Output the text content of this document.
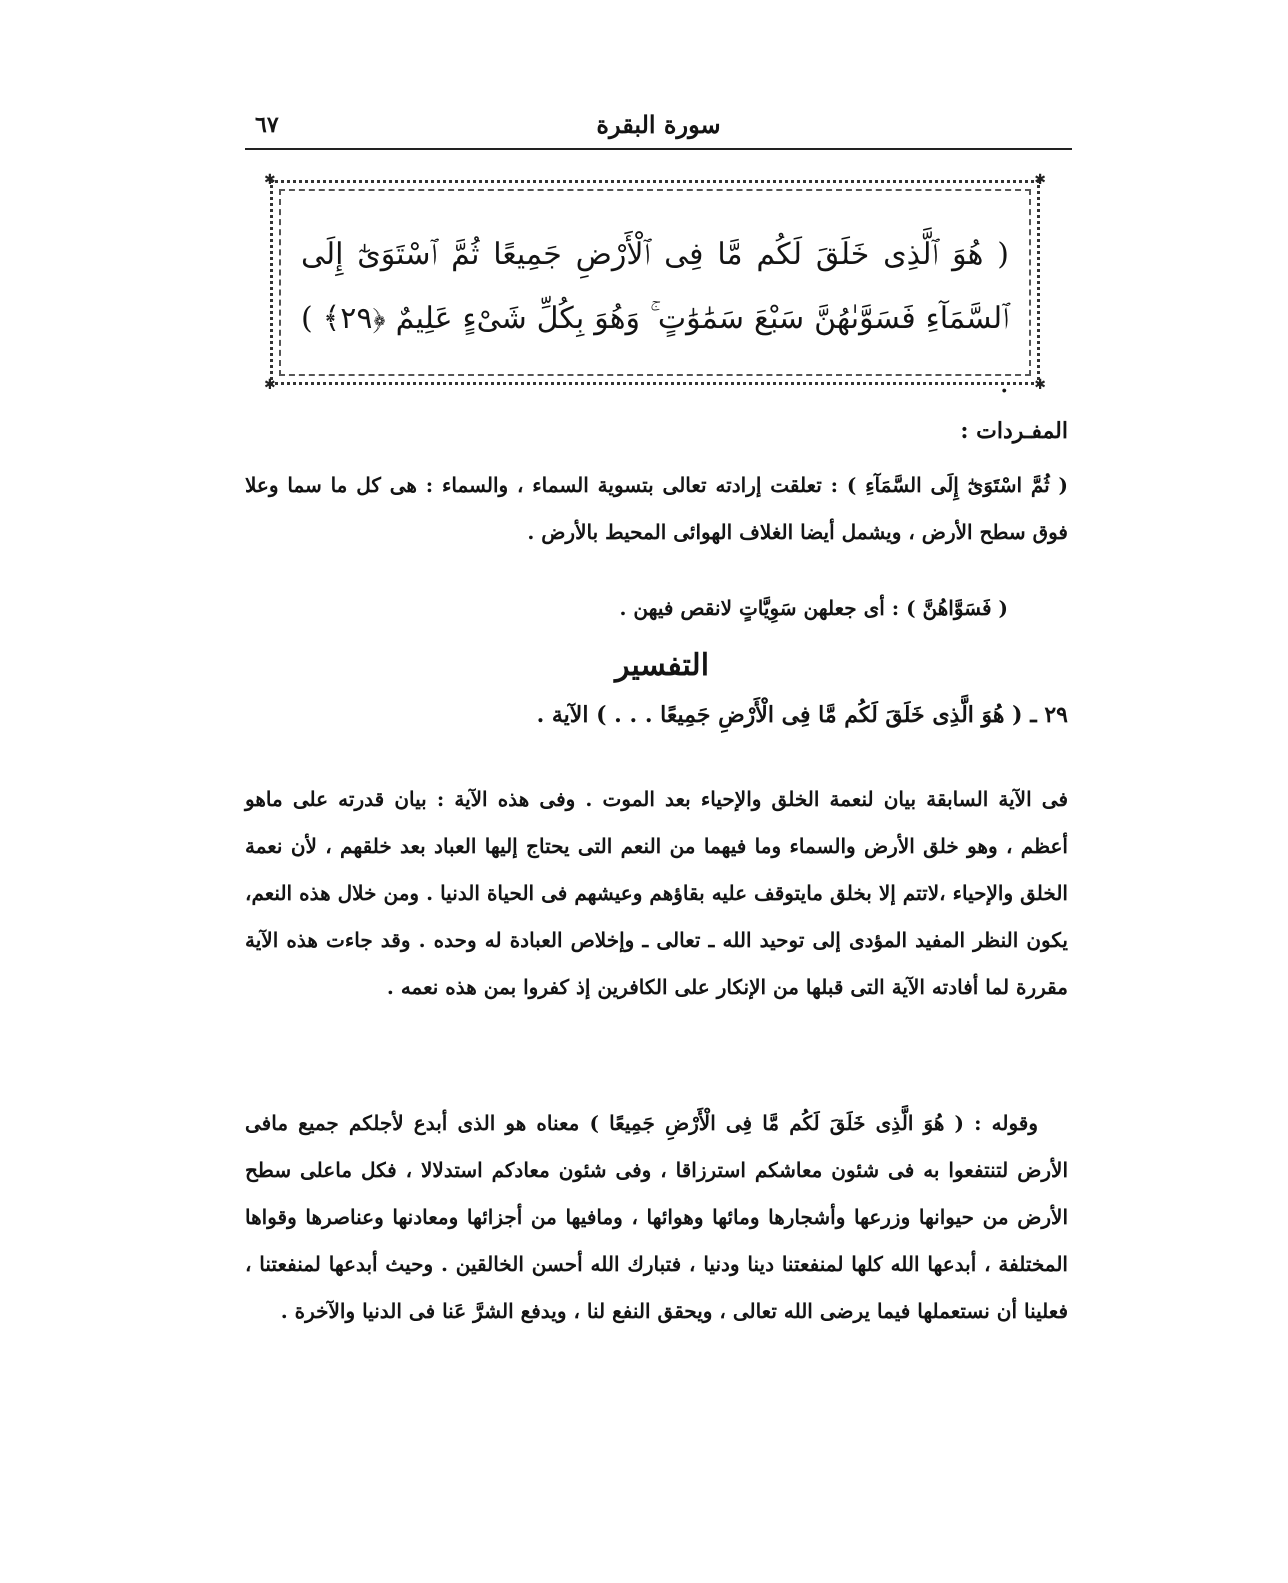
سورة البقرة
٦٧
✱	✱
✱	✱
( هُوَ ٱلَّذِى خَلَقَ لَكُم مَّا فِى ٱلْأَرْضِ جَمِيعًا ثُمَّ ٱسْتَوَىٰٓ إِلَى ٱلسَّمَآءِ فَسَوَّىٰهُنَّ سَبْعَ سَمَٰوَٰتٍ ۚ وَهُوَ بِكُلِّ شَىْءٍ عَلِيمٌ ﴿٢٩﴾ ) .
المفـردات :
( ثُمَّ اسْتَوَىٰٓ إِلَى السَّمَآءِ ) : تعلقت إرادته تعالى بتسوية السماء ، والسماء : هى كل ما سما وعلا فوق سطح الأرض ، ويشمل أيضا الغلاف الهوائى المحيط بالأرض .
( فَسَوَّاهُنَّ ) : أى جعلهن سَوِيَّاتٍ لانقص فيهن .
التفسير
٢٩ ـ ( هُوَ الَّذِى خَلَقَ لَكُم مَّا فِى الْأَرْضِ جَمِيعًا . . . ) الآية .
فى الآية السابقة بيان لنعمة الخلق والإحياء بعد الموت . وفى هذه الآية : بيان قدرته على ماهو أعظم ، وهو خلق الأرض والسماء وما فيهما من النعم التى يحتاج إليها العباد بعد خلقهم ، لأن نعمة الخلق والإحياء ،لاتتم إلا بخلق مايتوقف عليه بقاؤهم وعيشهم فى الحياة الدنيا . ومن خلال هذه النعم، يكون النظر المفيد المؤدى إلى توحيد الله ـ تعالى ـ وإخلاص العبادة له وحده . وقد جاءت هذه الآية مقررة لما أفادته الآية التى قبلها من الإنكار على الكافرين إذ كفروا بمن هذه نعمه .
وقوله : ( هُوَ الَّذِى خَلَقَ لَكُم مَّا فِى الْأَرْضِ جَمِيعًا ) معناه هو الذى أبدع لأجلكم جميع مافى الأرض لتنتفعوا به فى شئون معاشكم استرزاقا ، وفى شئون معادكم استدلالا ، فكل ماعلى سطح الأرض من حيوانها وزرعها وأشجارها ومائها وهوائها ، ومافيها من أجزائها ومعادنها وعناصرها وقواها المختلفة ، أبدعها الله كلها لمنفعتنا دينا ودنيا ، فتبارك الله أحسن الخالقين . وحيث أبدعها لمنفعتنا ، فعلينا أن نستعملها فيما يرضى الله تعالى ، ويحقق النفع لنا ، ويدفع الشرَّ عَنا فى الدنيا والآخرة .
